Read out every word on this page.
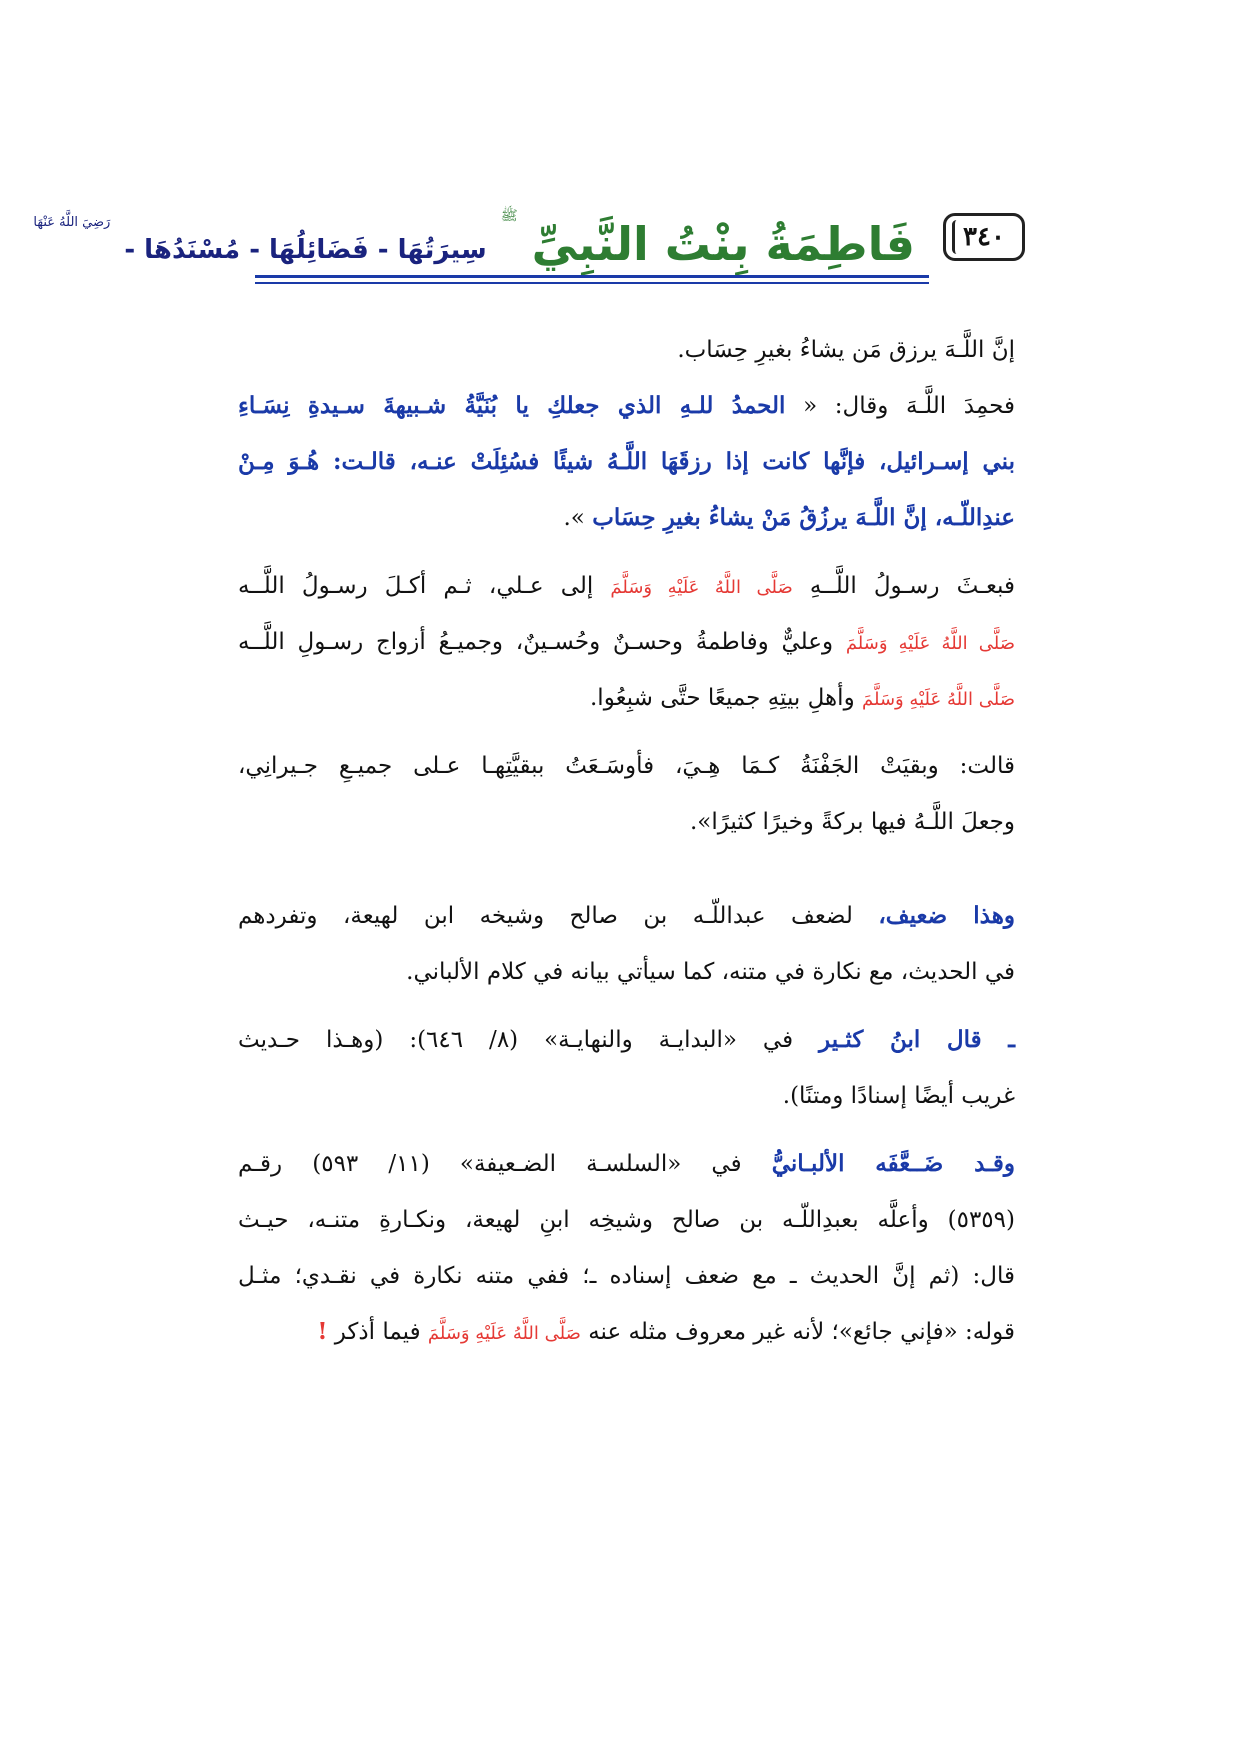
٣٤٠
فَاطِمَةُ بِنْتُ النَّبِيِّ
ﷺ
سِيرَتُهَا - فَضَائِلُهَا - مُسْنَدُهَا -
رَضِيَ اللَّهُ عَنْهَا
إنَّ اللَّـهَ يرزق مَن يشاءُ بغيرِ حِسَاب.
فحمِدَ اللَّـهَ وقال: « الحمدُ للـهِ الذي جعلكِ يا بُنَيَّةُ شـبيهةَ سـيدةِ نِسَـاءِ
بني إسـرائيل، فإنَّها كانت إذا رزقَهَا اللَّـهُ شيئًا فسُئِلَتْ عنـه، قالـت: هُـوَ مِـنْ
عندِاللّـه، إنَّ اللَّـهَ يرزُقُ مَنْ يشاءُ بغيرِ حِسَاب ».
فبعـثَ رسـولُ اللَّــهِ صَلَّى اللَّهُ عَلَيْهِ وَسَلَّمَ إلى عـلي، ثـم أكـلَ رسـولُ اللَّــه
صَلَّى اللَّهُ عَلَيْهِ وَسَلَّمَ وعليٌّ وفاطمةُ وحسـنٌ وحُسـينٌ، وجميـعُ أزواج رسـولِ اللَّــه
صَلَّى اللَّهُ عَلَيْهِ وَسَلَّمَ وأهلِ بيتِهِ جميعًا حتَّى شبِعُوا.
قالت: وبقيَتْ الجَفْنَةُ كـمَا هِـيَ، فأوسَـعَتُ ببقيَّتِهـا عـلى جميـعِ جـيرانِي،
وجعلَ اللَّـهُ فيها بركةً وخيرًا كثيرًا».
وهذا ضعيف، لضعف عبداللّـه بن صالح وشيخه ابن لهيعة، وتفردهم
في الحديث، مع نكارة في متنه، كما سيأتي بيانه في كلام الألباني.
ـ قال ابنُ كثـير في «البدايـة والنهايـة» (٨/ ٦٤٦): (وهـذا حـديث
غريب أيضًا إسنادًا ومتنًا).
وقـد ضَــعَّفَه الألبـانيُّ في «السلسـة الضـعيفة» (١١/ ٥٩٣) رقـم
(٥٣٥٩) وأعلَّه بعبدِاللّـه بن صالح وشيخِه ابنِ لهيعة، ونكـارةِ متنـه، حيـث
قال: (ثم إنَّ الحديث ـ مع ضعف إسناده ـ؛ ففي متنه نكارة في نقـدي؛ مثـل
قوله: «فإني جائع»؛ لأنه غير معروف مثله عنه صَلَّى اللَّهُ عَلَيْهِ وَسَلَّمَ فيما أذكر !
